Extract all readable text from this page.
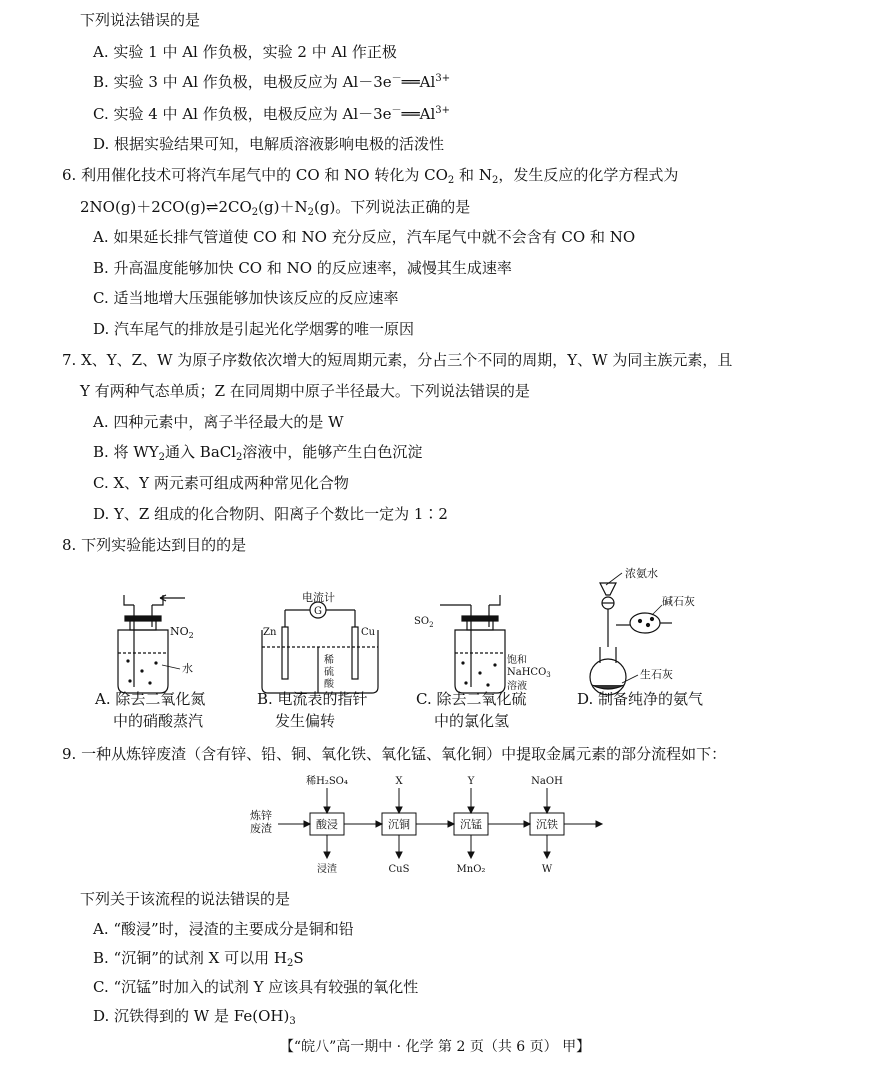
下列说法错误的是
A. 实验 1 中 Al 作负极，实验 2 中 Al 作正极
B. 实验 3 中 Al 作负极，电极反应为 $Al-3e^-══Al^{3+}$
C. 实验 4 中 Al 作负极，电极反应为 $Al-3e^-══Al^{3+}$
D. 根据实验结果可知，电解质溶液影响电极的活泼性
6. 利用催化技术可将汽车尾气中的 CO 和 NO 转化为 $CO_2$ 和 $N_2$，发生反应的化学方程式为
$2NO(g)+2CO(g)\rightleftharpoons 2CO_2(g)+N_2(g)$。下列说法正确的是
A. 如果延长排气管道使 CO 和 NO 充分反应，汽车尾气中就不会含有 CO 和 NO
B. 升高温度能够加快 CO 和 NO 的反应速率，减慢其生成速率
C. 适当地增大压强能够加快该反应的反应速率
D. 汽车尾气的排放是引起光化学烟雾的唯一原因
7. X、Y、Z、W 为原子序数依次增大的短周期元素，分占三个不同的周期，Y、W 为同主族元素，且
Y 有两种气态单质；Z 在同周期中原子半径最大。下列说法错误的是
A. 四种元素中，离子半径最大的是 W
B. 将 $WY_2$通入 BaCl$_2$溶液中，能够产生白色沉淀
C. X、Y 两元素可组成两种常见化合物
D. Y、Z 组成的化合物阴、阳离子个数比一定为 1∶2
8. 下列实验能达到目的的是
$NO_2$
水
G
电流计
Zn	Cu
稀
硫
酸
$SO_2$
饱和
NaHCO$_3$
溶液
浓氨水
碱石灰
生石灰
A. 除去二氧化氮
中的硝酸蒸汽
B. 电流表的指针
发生偏转
C. 除去二氧化硫
中的氯化氢
D. 制备纯净的氨气
9. 一种从炼锌废渣（含有锌、铅、铜、氧化铁、氧化锰、氧化铜）中提取金属元素的部分流程如下：
炼锌
废渣	酸浸	沉铜	沉锰	沉铁
稀H₂SO₄	X	Y	NaOH
浸渣	CuS	MnO₂	W
下列关于该流程的说法错误的是
A. “酸浸”时，浸渣的主要成分是铜和铅
B. “沉铜”的试剂 X 可以用 $H_2S$
C. “沉锰”时加入的试剂 Y 应该具有较强的氧化性
D. 沉铁得到的 W 是 $Fe(OH)_3$
【“皖八”高一期中 · 化学 第 2 页（共 6 页） 甲】
